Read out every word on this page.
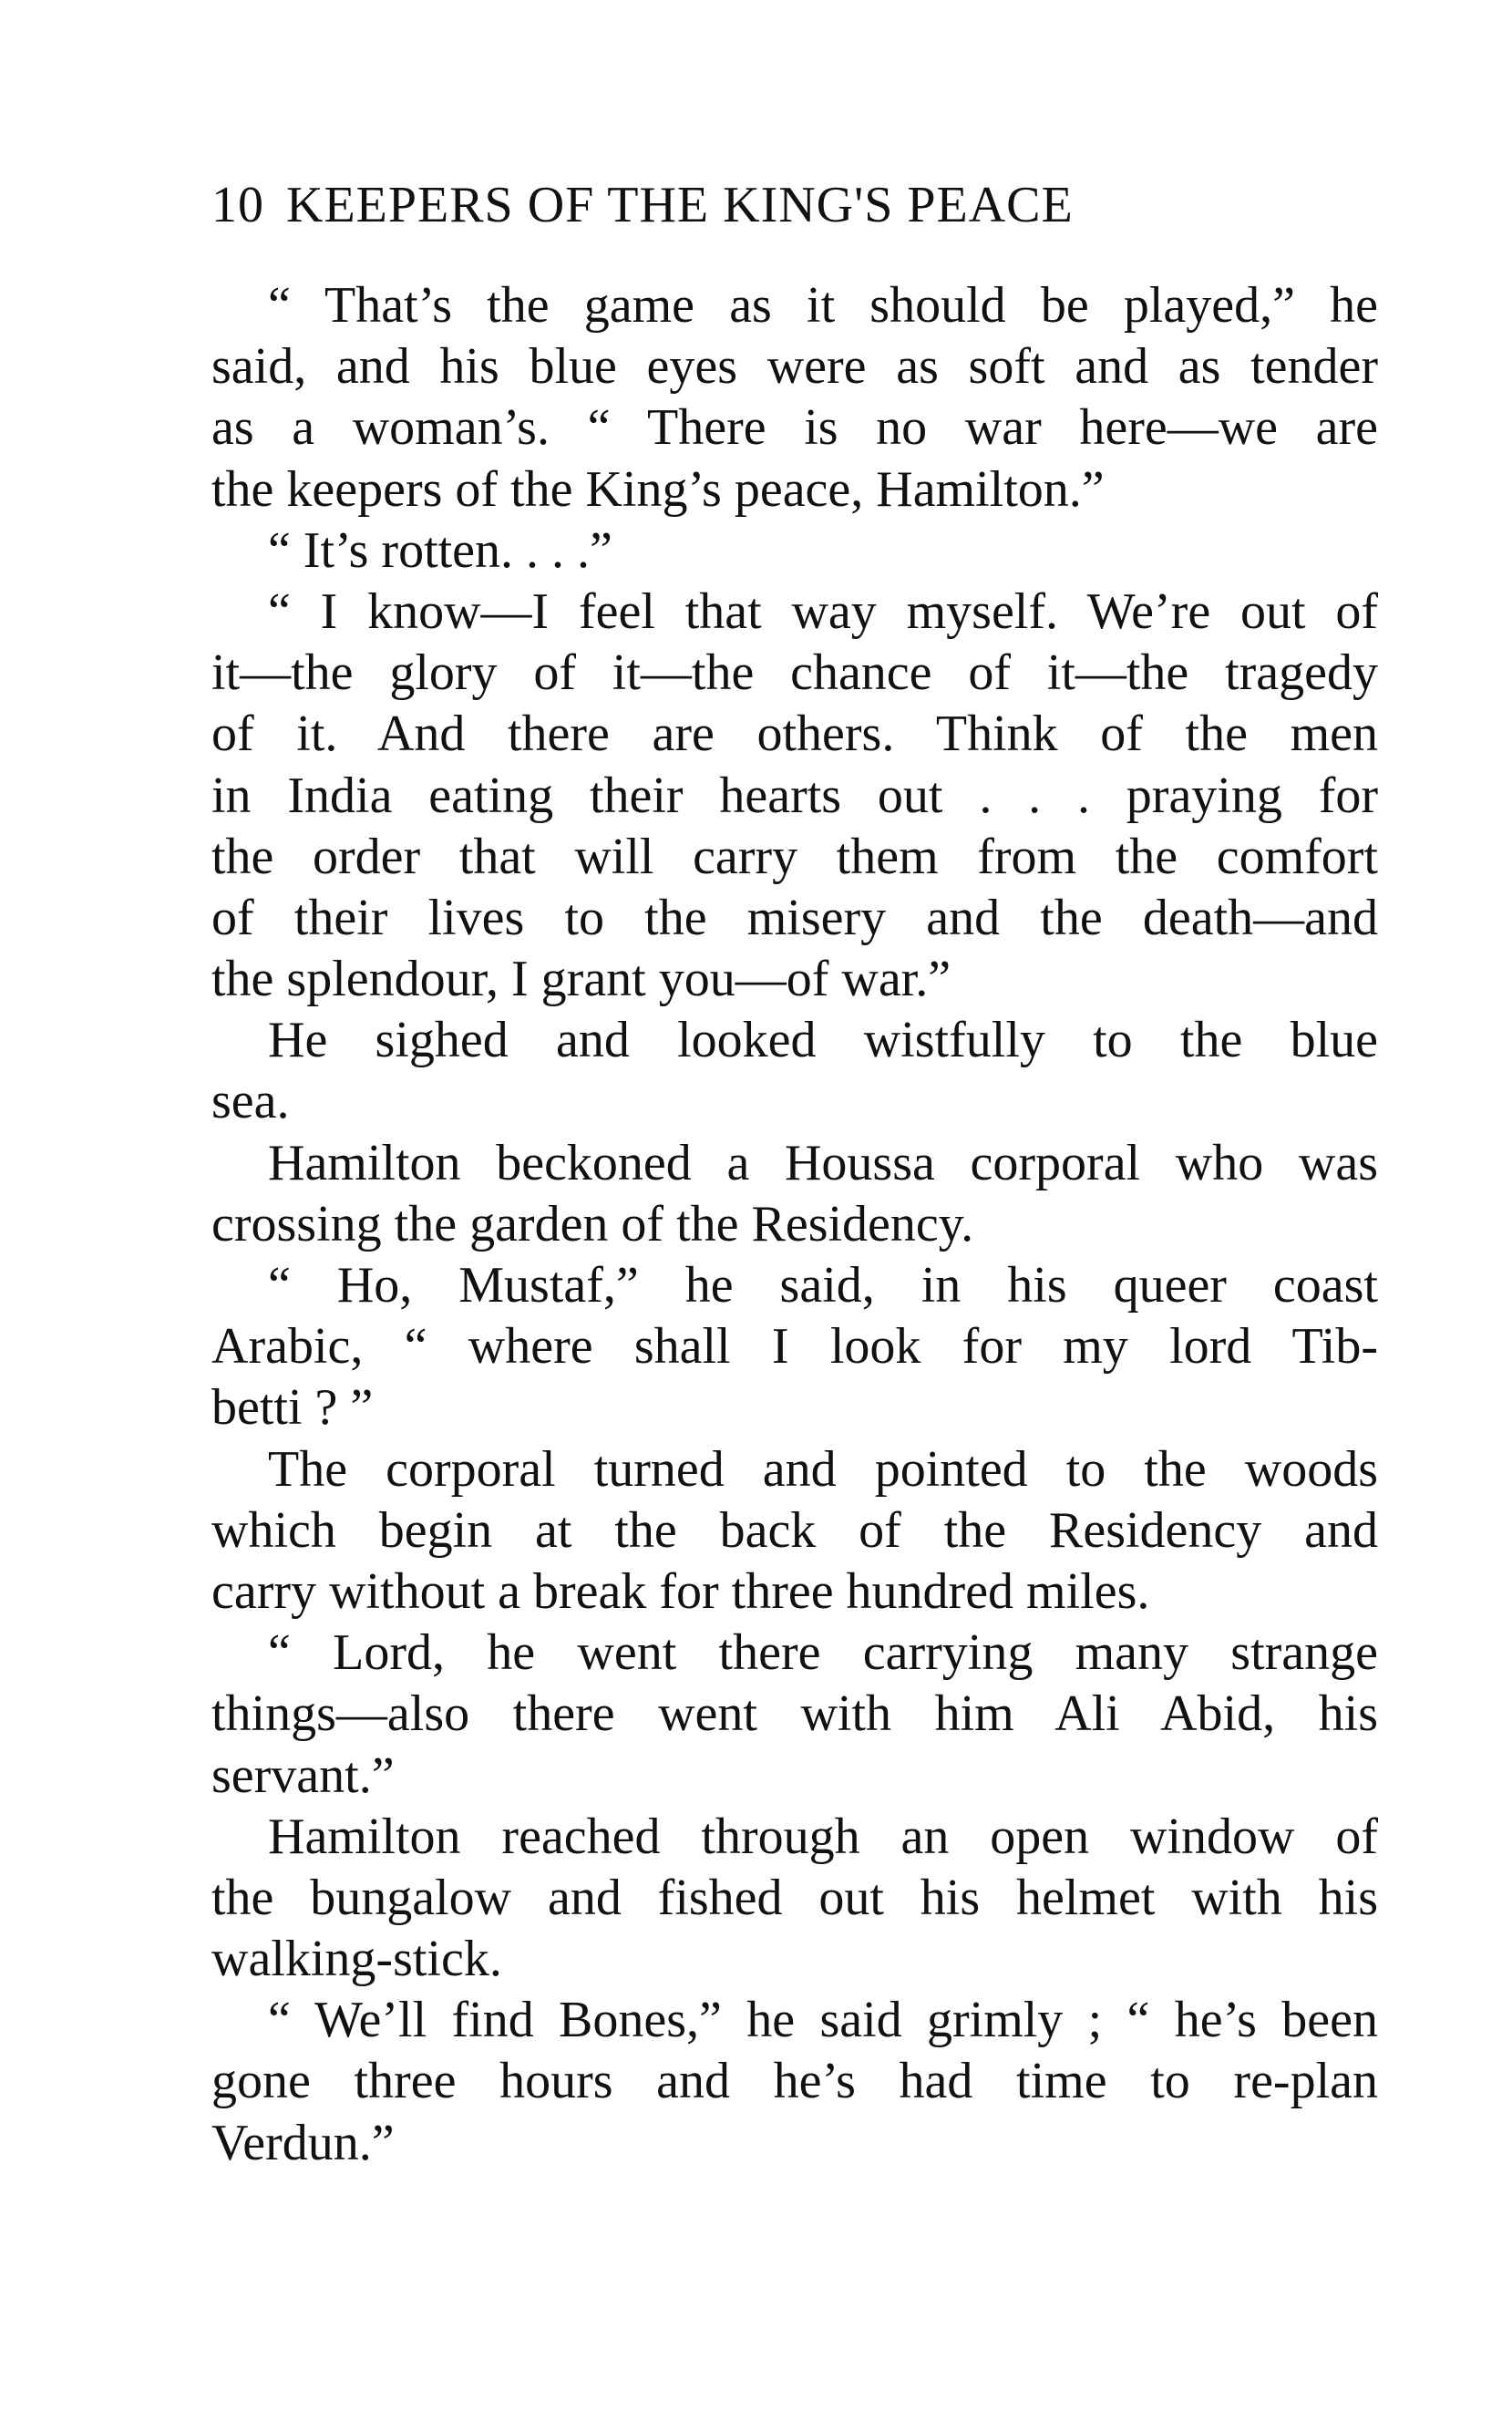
10 KEEPERS OF THE KING'S PEACE
“ That’s the game as it should be played,” he
said, and his blue eyes were as soft and as tender
as a woman’s. “ There is no war here—we are
the keepers of the King’s peace, Hamilton.”
“ It’s rotten. . . .”
“ I know—I feel that way myself. We’re out of
it—the glory of it—the chance of it—the tragedy
of it. And there are others. Think of the men
in India eating their hearts out . . . praying for
the order that will carry them from the comfort
of their lives to the misery and the death—and
the splendour, I grant you—of war.”
He sighed and looked wistfully to the blue
sea.
Hamilton beckoned a Houssa corporal who was
crossing the garden of the Residency.
“ Ho, Mustaf,” he said, in his queer coast
Arabic, “ where shall I look for my lord Tib-
betti ? ”
The corporal turned and pointed to the woods
which begin at the back of the Residency and
carry without a break for three hundred miles.
“ Lord, he went there carrying many strange
things—also there went with him Ali Abid, his
servant.”
Hamilton reached through an open window of
the bungalow and fished out his helmet with his
walking-stick.
“ We’ll find Bones,” he said grimly ; “ he’s been
gone three hours and he’s had time to re-plan
Verdun.”
